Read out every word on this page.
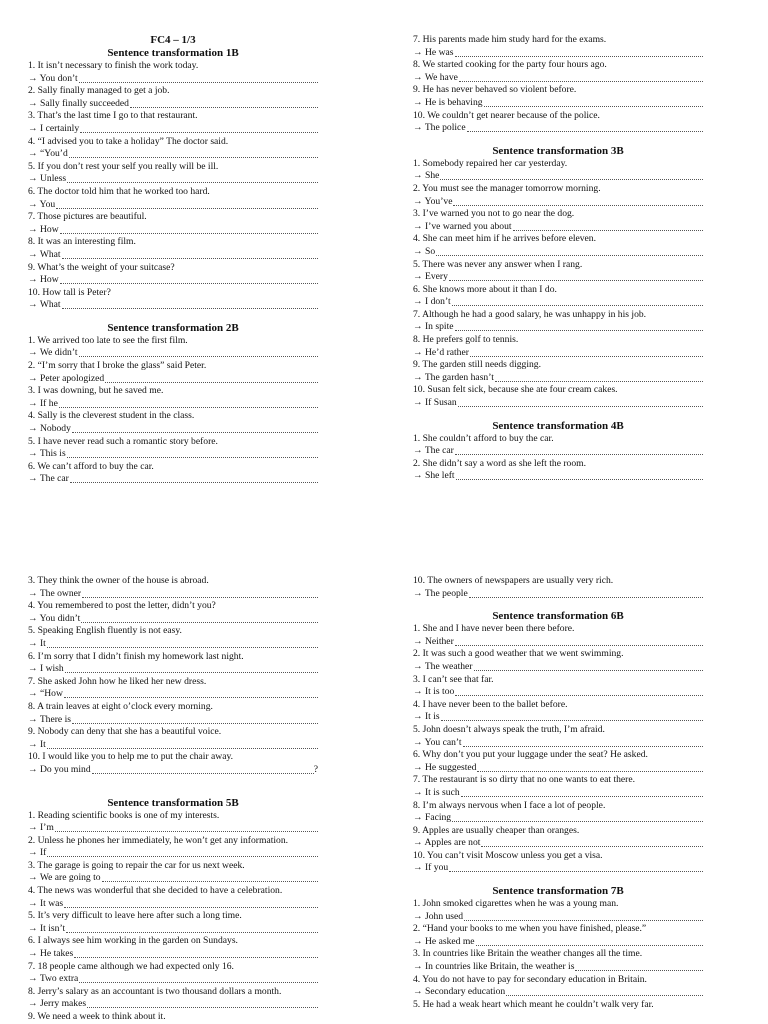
FC4 – 1/3
Sentence transformation 1B
1. It isn’t necessary to finish the work today.
→ You don’t
2. Sally finally managed to get a job.
→ Sally finally succeeded
3. That’s the last time I go to that restaurant.
→ I certainly
4. “I advised you to take a holiday” The doctor said.
→ “You’d
5. If you don’t rest your self you really will be ill.
→ Unless
6. The doctor told him that he worked too hard.
→ You
7. Those pictures are beautiful.
→ How
8. It was an interesting film.
→ What
9. What’s the weight of your suitcase?
→ How
10. How tall is Peter?
→ What
Sentence transformation 2B
1. We arrived too late to see the first film.
→ We didn’t
2. “I’m sorry that I broke the glass” said Peter.
→ Peter apologized
3. I was downing, but he saved me.
→ If he
4. Sally is the cleverest student in the class.
→ Nobody
5. I have never read such a romantic story before.
→ This is
6. We can’t afford to buy the car.
→ The car
7. His parents made him study hard for the exams.
→ He was
8. We started cooking for the party four hours ago.
→ We have
9. He has never behaved so violent before.
→ He is behaving
10. We couldn’t get nearer because of the police.
→ The police
Sentence transformation 3B
1. Somebody repaired her car yesterday.
→ She
2. You must see the manager tomorrow morning.
→ You’ve
3. I’ve warned you not to go near the dog.
→ I’ve warned you about
4. She can meet him if he arrives before eleven.
→ So
5. There was never any answer when I rang.
→ Every
6. She knows more about it than I do.
→ I don’t
7. Although he had a good salary, he was unhappy in his job.
→ In spite
8. He prefers golf to tennis.
→ He’d rather
9. The garden still needs digging.
→ The garden hasn’t
10. Susan felt sick, because she ate four cream cakes.
→ If Susan
Sentence transformation 4B
1. She couldn’t afford to buy the car.
→ The car
2. She didn’t say a word as she left the room.
→ She left
3. They think the owner of the house is abroad.
→ The owner
4. You remembered to post the letter, didn’t you?
→ You didn’t
5. Speaking English fluently is not easy.
→ It
6. I’m sorry that I didn’t finish my homework last night.
→ I wish
7. She asked John how he liked her new dress.
→ “How
8. A train leaves at eight o’clock every morning.
→ There is
9. Nobody can deny that she has a beautiful voice.
→ It
10. I would like you to help me to put the chair away.
→ Do you mind	?
Sentence transformation 5B
1. Reading scientific books is one of my interests.
→ I’m
2. Unless he phones her immediately, he won’t get any information.
→ If
3. The garage is going to repair the car for us next week.
→ We are going to
4. The news was wonderful that she decided to have a celebration.
→ It was
5. It’s very difficult to leave here after such a long time.
→ It isn’t
6. I always see him working in the garden on Sundays.
→ He takes
7. 18 people came although we had expected only 16.
→ Two extra
8. Jerry’s salary as an accountant is two thousand dollars a month.
→ Jerry makes
9. We need a week to think about it.
10. The owners of newspapers are usually very rich.
→ The people
Sentence transformation 6B
1. She and I have never been there before.
→ Neither
2. It was such a good weather that we went swimming.
→ The weather
3. I can’t see that far.
→ It is too
4. I have never been to the ballet before.
→ It is
5. John doesn’t always speak the truth, I’m afraid.
→ You can’t
6. Why don’t you put your luggage under the seat? He asked.
→ He suggested
7. The restaurant is so dirty that no one wants to eat there.
→ It is such
8. I’m always nervous when I face a lot of people.
→ Facing
9. Apples are usually cheaper than oranges.
→ Apples are not
10. You can’t visit Moscow unless you get a visa.
→ If you
Sentence transformation 7B
1. John smoked cigarettes when he was a young man.
→ John used
2. “Hand your books to me when you have finished, please.”
→ He asked me
3. In countries like Britain the weather changes all the time.
→ In countries like Britain, the weather is
4. You do not have to pay for secondary education in Britain.
→ Secondary education
5. He had a weak heart which meant he couldn’t walk very far.
